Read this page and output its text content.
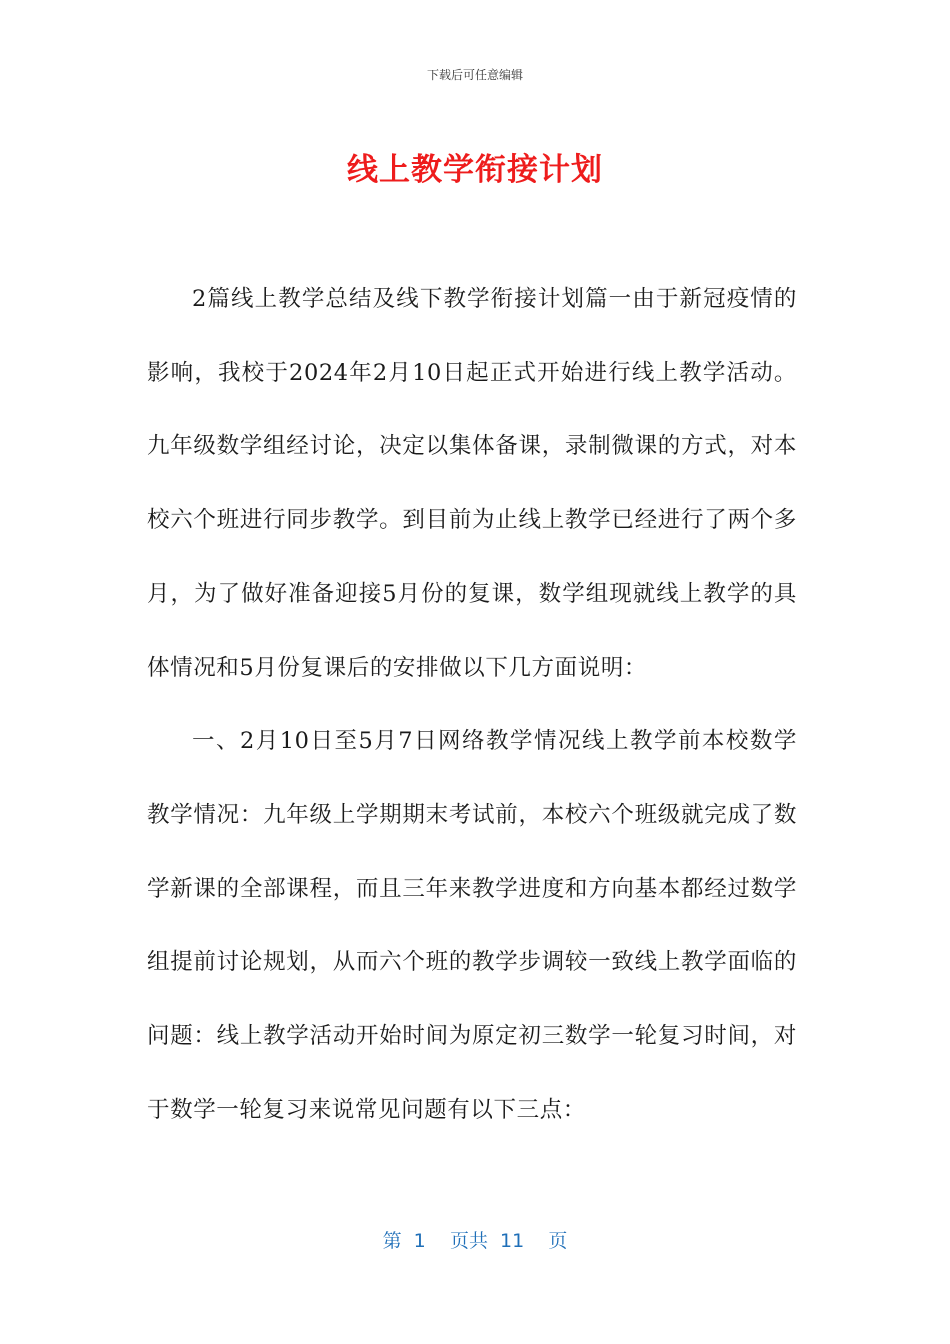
下载后可任意编辑
线上教学衔接计划

2篇线上教学总结及线下教学衔接计划篇一由于新冠疫情的影响，我校于2024年2月10日起正式开始进行线上教学活动。九年级数学组经讨论，决定以集体备课，录制微课的方式，对本校六个班进行同步教学。到目前为止线上教学已经进行了两个多月，为了做好准备迎接5月份的复课，数学组现就线上教学的具体情况和5月份复课后的安排做以下几方面说明：

一、2月10日至5月7日网络教学情况线上教学前本校数学教学情况：九年级上学期期末考试前，本校六个班级就完成了数学新课的全部课程，而且三年来教学进度和方向基本都经过数学组提前讨论规划，从而六个班的教学步调较一致线上教学面临的问题：线上教学活动开始时间为原定初三数学一轮复习时间，对于数学一轮复习来说常见问题有以下三点：

第 1 页共 11 页
